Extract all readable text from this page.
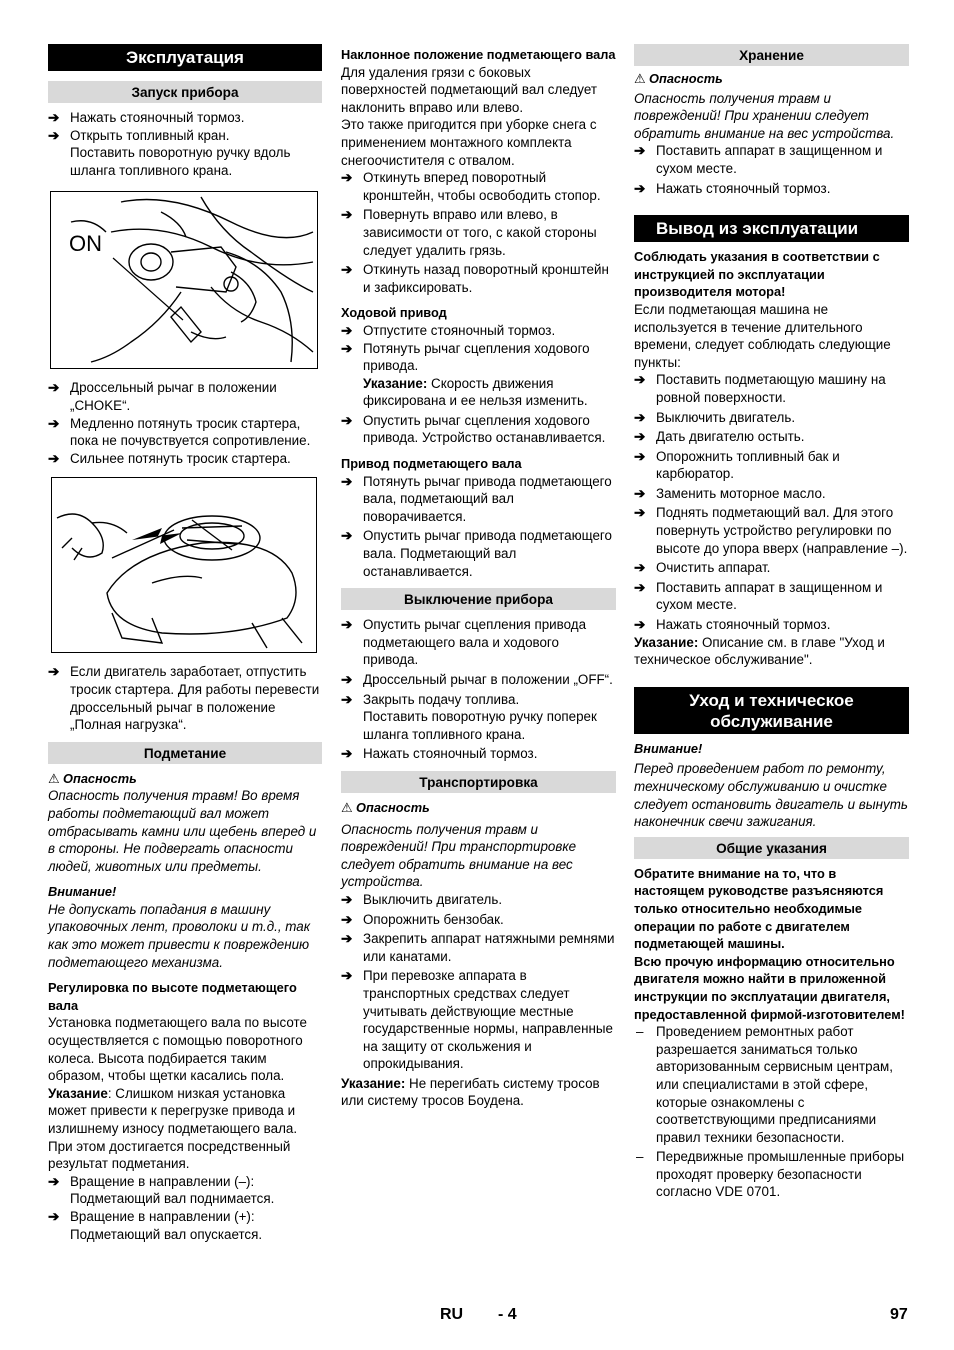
Эксплуатация
Запуск прибора
➔ Нажать стояночный тормоз.
➔ Открыть топливный кран.

Поставить поворотную ручку вдоль шланга топливного крана.

ON
➔ Дроссельный рычаг в положении „CHOKE“.
➔ Медленно потянуть тросик стартера, пока не почувствуется сопротивление.
➔ Сильнее потянуть тросик стартера.
➔ Если двигатель заработает, отпустить тросик стартера. Для работы перевести дроссельный рычаг в положение „Полная нагрузка“.
Подметание

⚠ Опасность

Опасность получения травм! Во время работы подметающий вал может отбрасывать камни или щебень вперед и в стороны. Не подвергать опасности людей, животных или предметы.

Внимание!

Не допускать попадания в машину упаковочных лент, проволоки и т.д., так как это может привести к повреждению подметающего механизма.

Регулировка по высоте подметающего вала

Установка подметающего вала по высоте осуществляется с помощью поворотного колеса. Высота подбирается таким образом, чтобы щетки касались пола.

Указание: Слишком низкая установка может привести к перегрузке привода и излишнему износу подметающего вала. При этом достигается посредственный результат подметания.

➔ Вращение в направлении (–): Подметающий вал поднимается.
➔ Вращение в направлении (+): Подметающий вал опускается.

Наклонное положение подметающего вала

Для удаления грязи с боковых поверхностей подметающий вал следует наклонить вправо или влево.

Это также пригодится при уборке снега с применением монтажного комплекта снегоочистителя с отвалом.

➔ Откинуть вперед поворотный кронштейн, чтобы освободить стопор.
➔ Повернуть вправо или влево, в зависимости от того, с какой стороны следует удалить грязь.
➔ Откинуть назад поворотный кронштейн и зафиксировать.

Ходовой привод

➔ Отпустите стояночный тормоз.
➔ Потянуть рычаг сцепления ходового привода.

Указание: Скорость движения фиксирована и ее нельзя изменить.

➔ Опустить рычаг сцепления ходового привода. Устройство останавливается.

Привод подметающего вала

➔ Потянуть рычаг привода подметающего вала, подметающий вал поворачивается.
➔ Опустить рычаг привода подметающего вала. Подметающий вал останавливается.
Выключение прибора
➔ Опустить рычаг сцепления привода подметающего вала и ходового привода.
➔ Дроссельный рычаг в положении „OFF“.
➔ Закрыть подачу топлива.

Поставить поворотную ручку поперек шланга топливного крана.

➔ Нажать стояночный тормоз.
Транспортировка

⚠ Опасность

Опасность получения травм и повреждений! При транспортировке следует обратить внимание на вес устройства.

➔ Выключить двигатель.
➔ Опорожнить бензобак.
➔ Закрепить аппарат натяжными ремнями или канатами.
➔ При перевозке аппарата в транспортных средствах следует учитывать действующие местные государственные нормы, направленные на защиту от скольжения и опрокидывания.

Указание: Не перегибать систему тросов или систему тросов Боудена.

Хранение

⚠ Опасность

Опасность получения травм и повреждений! При хранении следует обратить внимание на вес устройства.

➔ Поставить аппарат в защищенном и сухом месте.
➔ Нажать стояночный тормоз.
Вывод из эксплуатации

Соблюдать указания в соответствии с инструкцией по эксплуатации производителя мотора!

Если подметающая машина не используется в течение длительного времени, следует соблюдать следующие пункты:

➔ Поставить подметающую машину на ровной поверхности.
➔ Выключить двигатель.
➔ Дать двигателю остыть.
➔ Опорожнить топливный бак и карбюратор.
➔ Заменить моторное масло.
➔ Поднять подметающий вал. Для этого повернуть устройство регулировки по высоте до упора вверх (направление –).
➔ Очистить аппарат.
➔ Поставить аппарат в защищенном и сухом месте.
➔ Нажать стояночный тормоз.

Указание: Описание см. в главе "Уход и техническое обслуживание".

Уход и техническое обслуживание

Внимание!

Перед проведением работ по ремонту, техническому обслуживанию и очистке следует остановить двигатель и вынуть наконечник свечи зажигания.

Общие указания

Обратите внимание на то, что в настоящем руководстве разъясняются только относительно необходимые операции по работе с двигателем подметающей машины.

Всю прочую информацию относительно двигателя можно найти в приложенной инструкции по эксплуатации двигателя, предоставленной фирмой-изготовителем!

– Проведением ремонтных работ разрешается заниматься только авторизованным сервисным центрам, или специалистами в этой сфере, которые ознакомлены с соответствующими предписаниями правил техники безопасности.
– Передвижные промышленные приборы проходят проверку безопасности согласно VDE 0701.
RU - 4	97
